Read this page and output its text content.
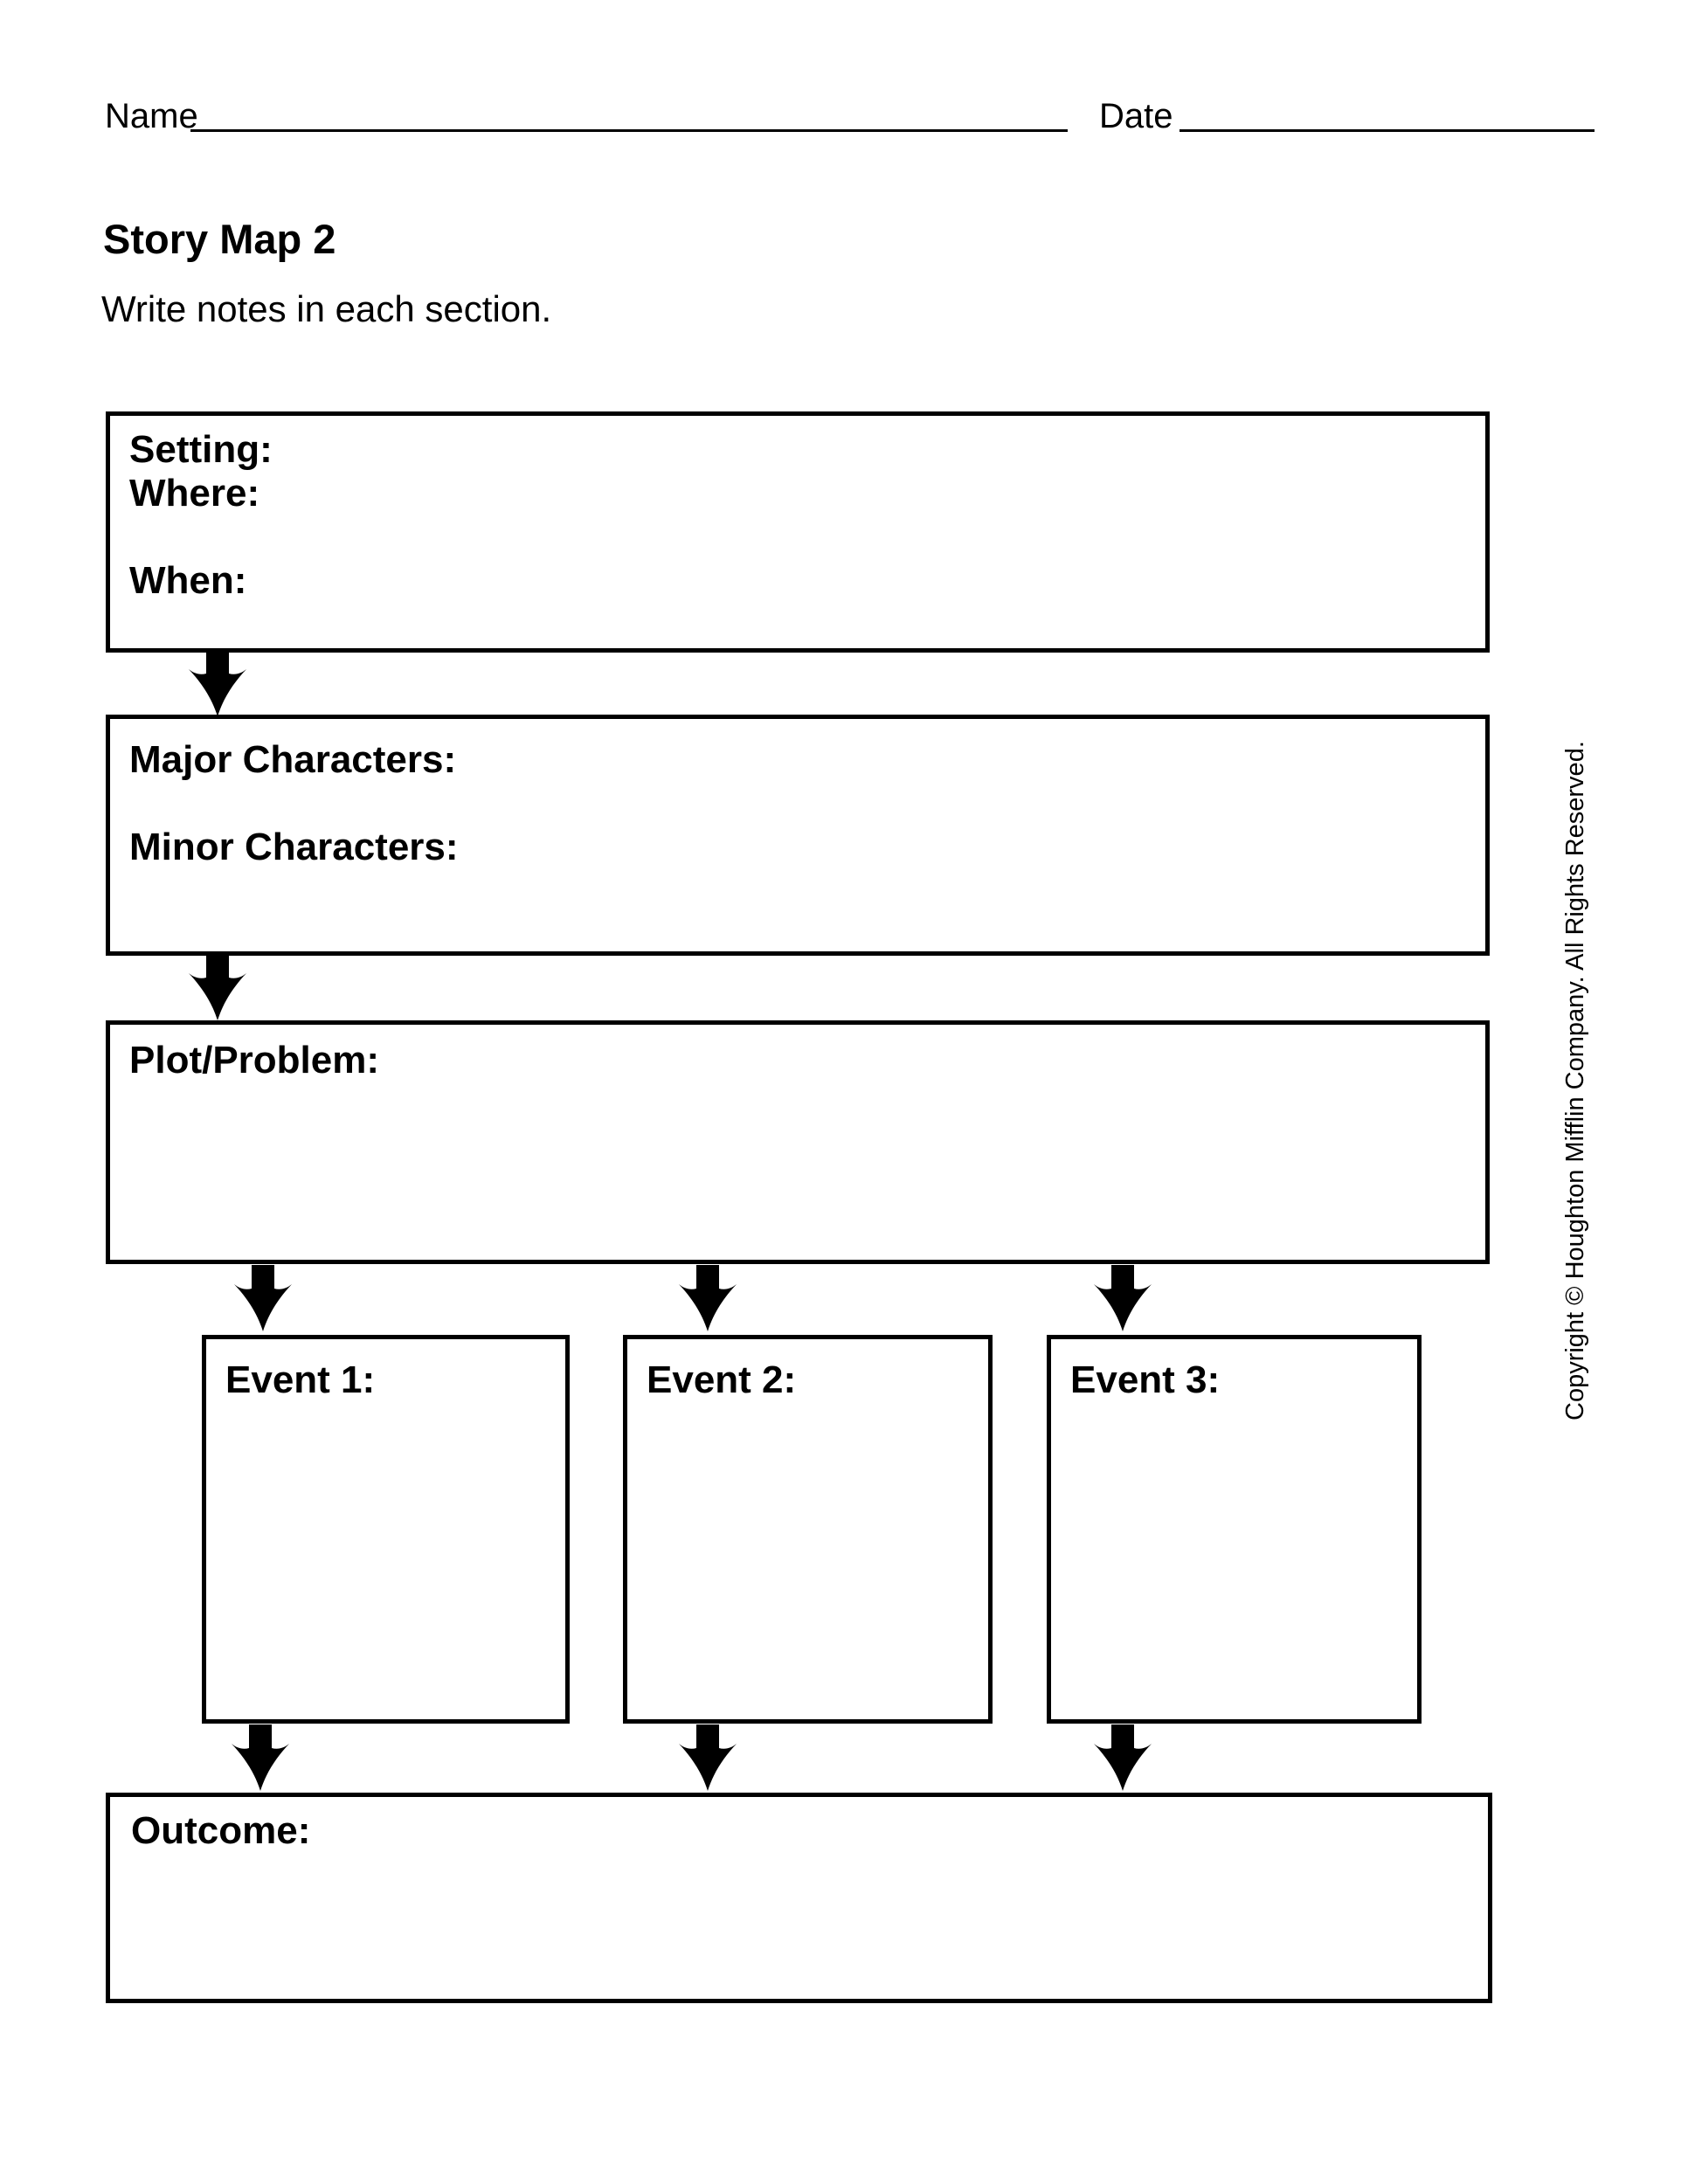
Name	Date
Story Map 2
Write notes in each section.
Setting:
Where:
When:
Major Characters:
Minor Characters:
Plot/Problem:
Event 1:	Event 2:	Event 3:
Outcome:
Copyright © Houghton Mifflin Company. All Rights Reserved.
